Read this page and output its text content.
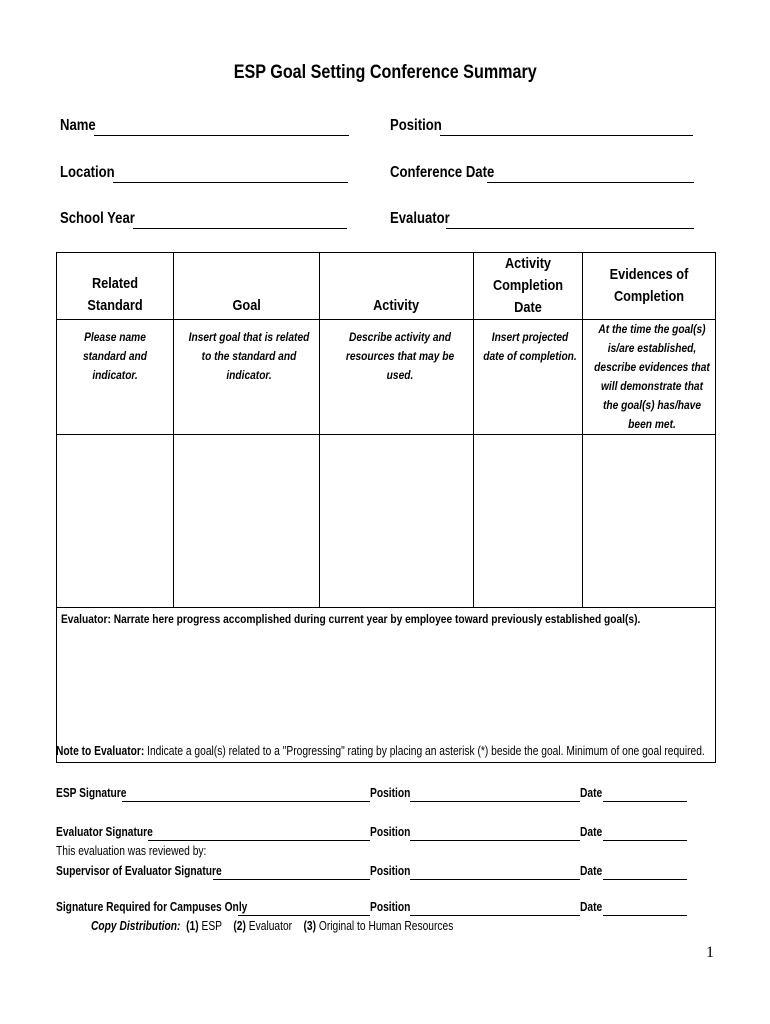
ESP Goal Setting Conference Summary
Name	Position
Location	Conference Date
School Year	Evaluator
Related Standard	Goal	Activity	Activity Completion Date	Evidences of Completion
Please name standard and indicator.	Insert goal that is related to the standard and indicator.	Describe activity and resources that may be used.	Insert projected date of completion.	At the time the goal(s) is/are established, describe evidences that will demonstrate that the goal(s) has/have been met.

Evaluator: Narrate here progress accomplished during current year by employee toward previously established goal(s).				
Note to Evaluator: Indicate a goal(s) related to a "Progressing" rating by placing an asterisk (*) beside the goal. Minimum of one goal required.
ESP Signature	Position	Date
Evaluator Signature	Position	Date
This evaluation was reviewed by:
Supervisor of Evaluator Signature	Position	Date
Signature Required for Campuses Only	Position	Date
Copy Distribution: (1) ESP (2) Evaluator (3) Original to Human Resources
1
